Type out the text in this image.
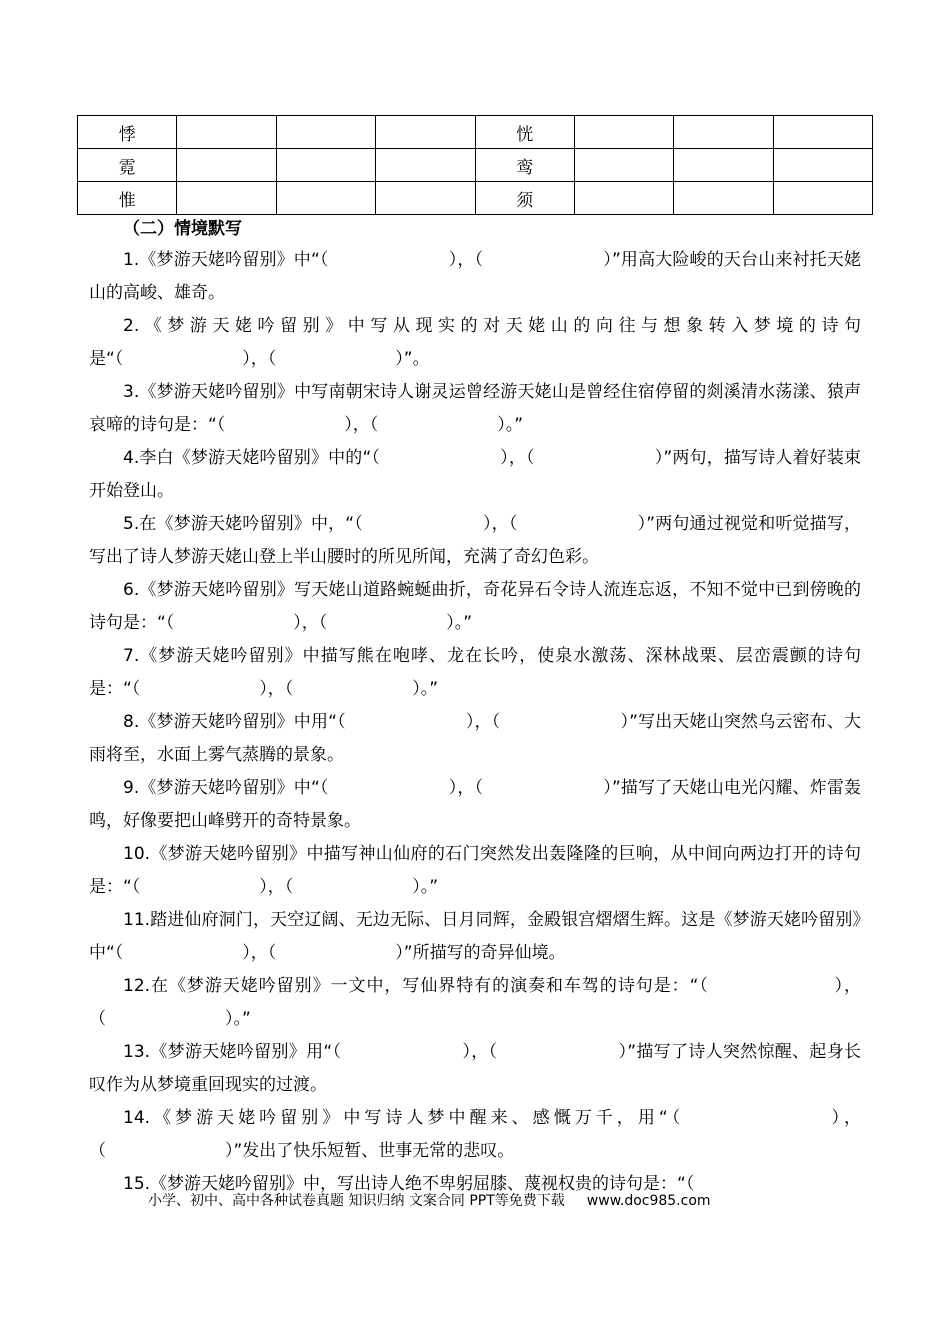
悸				恍			
霓				鸾			
惟				须			
（二）情境默写

1.《梦游天姥吟留别》中“（　　　　　　　），（　　　　　　　）”用高大险峻的天台山来衬托天姥山的高峻、雄奇。

2.《梦游天姥吟留别》中写从现实的对天姥山的向往与想象转入梦境的诗句是“（　　　　　　　），（　　　　　　　）”。

3.《梦游天姥吟留别》中写南朝宋诗人谢灵运曾经游天姥山是曾经住宿停留的剡溪清水荡漾、猿声哀啼的诗句是：“（　　　　　　　），（　　　　　　　）。”

4.李白《梦游天姥吟留别》中的“（　　　　　　　），（　　　　　　　）”两句，描写诗人着好装束开始登山。

5.在《梦游天姥吟留别》中，“（　　　　　　　），（　　　　　　　）”两句通过视觉和听觉描写，写出了诗人梦游天姥山登上半山腰时的所见所闻，充满了奇幻色彩。

6.《梦游天姥吟留别》写天姥山道路蜿蜒曲折，奇花异石令诗人流连忘返，不知不觉中已到傍晚的诗句是：“（　　　　　　　），（　　　　　　　）。”

7.《梦游天姥吟留别》中描写熊在咆哮、龙在长吟，使泉水激荡、深林战栗、层峦震颤的诗句是：“（　　　　　　　），（　　　　　　　）。”

8.《梦游天姥吟留别》中用“（　　　　　　　），（　　　　　　　）”写出天姥山突然乌云密布、大雨将至，水面上雾气蒸腾的景象。

9.《梦游天姥吟留别》中“（　　　　　　　），（　　　　　　　）”描写了天姥山电光闪耀、炸雷轰鸣，好像要把山峰劈开的奇特景象。

10.《梦游天姥吟留别》中描写神山仙府的石门突然发出轰隆隆的巨响，从中间向两边打开的诗句是：“（　　　　　　　），（　　　　　　　）。”

11.踏进仙府洞门，天空辽阔、无边无际、日月同辉，金殿银宫熠熠生辉。这是《梦游天姥吟留别》中“（　　　　　　　），（　　　　　　　）”所描写的奇异仙境。

12.在《梦游天姥吟留别》一文中，写仙界特有的演奏和车驾的诗句是：“（　　　　　　　），（　　　　　　　）。”

13.《梦游天姥吟留别》用“（　　　　　　　），（　　　　　　　）”描写了诗人突然惊醒、起身长叹作为从梦境重回现实的过渡。

14.《梦游天姥吟留别》中写诗人梦中醒来、感慨万千，用“（　　　　　　　），（　　　　　　　）”发出了快乐短暂、世事无常的悲叹。

15.《梦游天姥吟留别》中，写出诗人绝不卑躬屈膝、蔑视权贵的诗句是：“（

小学、初中、高中各种试卷真题 知识归纳 文案合同 PPT等免费下载 www.doc985.com
